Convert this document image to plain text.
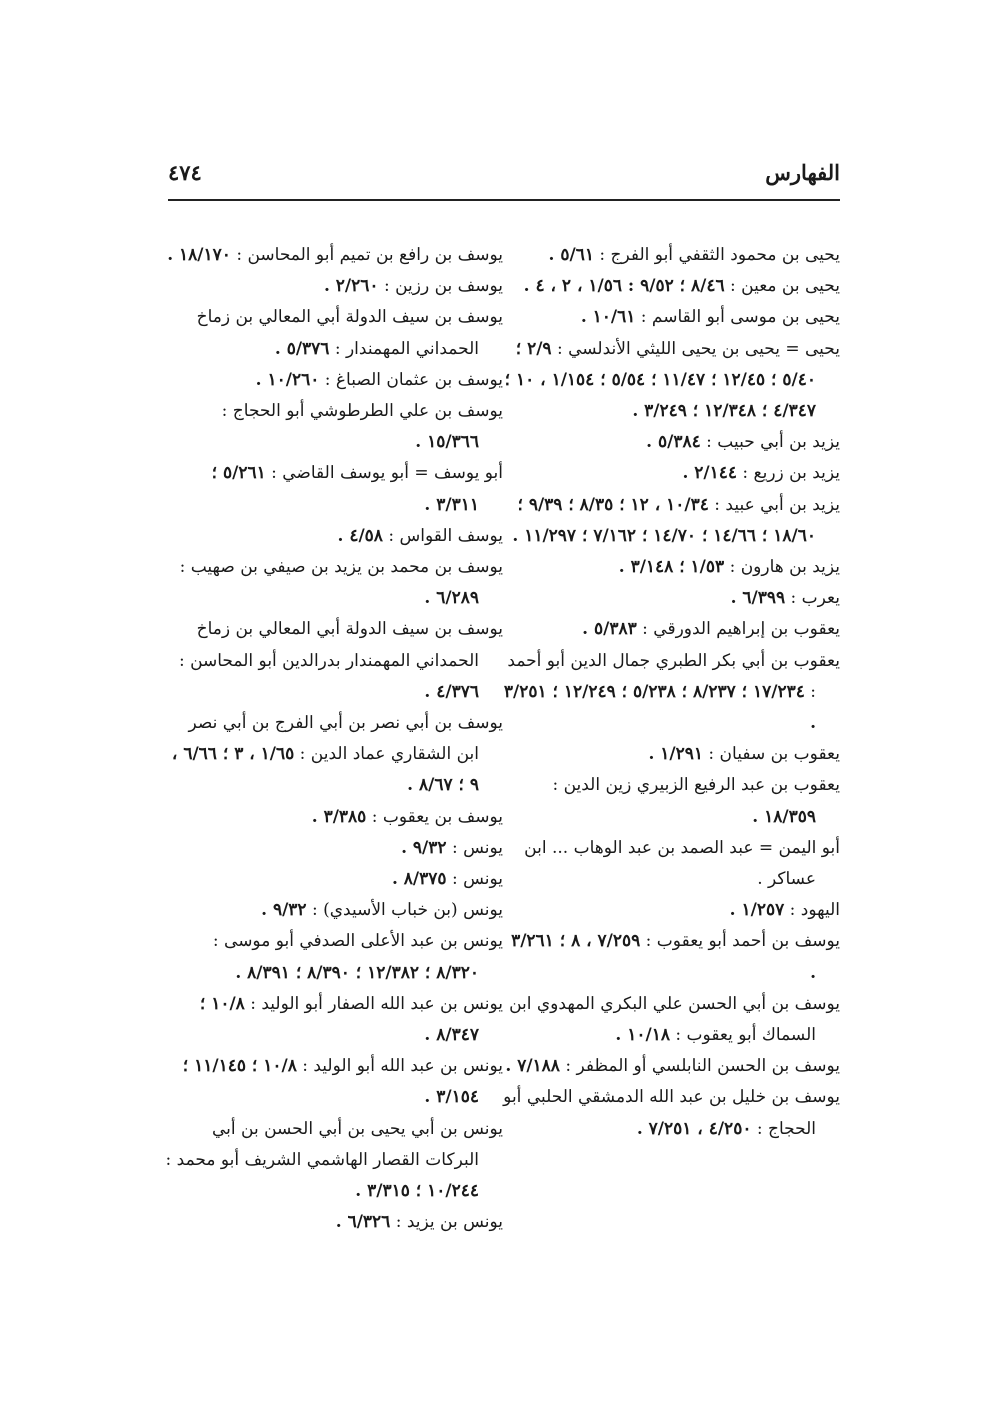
الفهارس
٤٧٤

يحيى بن محمود الثقفي أبو الفرج : ٥/٦١ .

يحيى بن معين : ٨/٤٦ ؛ ٩/٥٢ : ١/٥٦ ، ٢ ، ٤ .

يحيى بن موسى أبو القاسم : ١٠/٦١ .

يحيى = يحيى بن يحيى الليثي الأندلسي : ٢/٩ ؛ ٥/٤٠ ؛ ١٢/٤٥ ؛ ١١/٤٧ ؛ ٥/٥٤ ؛ ١/١٥٤ ، ١٠ ؛ ٤/٣٤٧ ؛ ١٢/٣٤٨ ؛ ٣/٢٤٩ .

يزيد بن أبي حبيب : ٥/٣٨٤ .

يزيد بن زريع : ٢/١٤٤ .

يزيد بن أبي عبيد : ١٠/٣٤ ، ١٢ ؛ ٨/٣٥ ؛ ٩/٣٩ ؛ ١٨/٦٠ ؛ ١٤/٦٦ ؛ ١٤/٧٠ ؛ ٧/١٦٢ ؛ ١١/٢٩٧ .

يزيد بن هارون : ١/٥٣ ؛ ٣/١٤٨ .

يعرب : ٦/٣٩٩ .

يعقوب بن إبراهيم الدورقي : ٥/٣٨٣ .

يعقوب بن أبي بكر الطبري جمال الدين أبو أحمد : ١٧/٢٣٤ ؛ ٨/٢٣٧ ؛ ٥/٢٣٨ ؛ ١٢/٢٤٩ ؛ ٣/٢٥١ .

يعقوب بن سفيان : ١/٢٩١ .

يعقوب بن عبد الرفيع الزبيري زين الدين : ١٨/٣٥٩ .

أبو اليمن = عبد الصمد بن عبد الوهاب ... ابن عساكر .

اليهود : ١/٢٥٧ .

يوسف بن أحمد أبو يعقوب : ٧/٢٥٩ ، ٨ ؛ ٣/٢٦١ .

يوسف بن أبي الحسن علي البكري المهدوي ابن السماك أبو يعقوب : ١٠/١٨ .

يوسف بن الحسن النابلسي أو المظفر : ٧/١٨٨ .

يوسف بن خليل بن عبد الله الدمشقي الحلبي أبو الحجاج : ٤/٢٥٠ ، ٧/٢٥١ .

يوسف بن رافع بن تميم أبو المحاسن : ١٨/١٧٠ .

يوسف بن رزين : ٢/٢٦٠ .

يوسف بن سيف الدولة أبي المعالي بن زماخ الحمداني المهمندار : ٥/٣٧٦ .

يوسف بن عثمان الصباغ : ١٠/٢٦٠ .

يوسف بن علي الطرطوشي أبو الحجاج : ١٥/٣٦٦ .

أبو يوسف = أبو يوسف القاضي : ٥/٢٦١ ؛ ٣/٣١١ .

يوسف القواس : ٤/٥٨ .

يوسف بن محمد بن يزيد بن صيفي بن صهيب : ٦/٢٨٩ .

يوسف بن سيف الدولة أبي المعالي بن زماخ الحمداني المهمندار بدرالدين أبو المحاسن : ٤/٣٧٦ .

يوسف بن أبي نصر بن أبي الفرج بن أبي نصر ابن الشقاري عماد الدين : ١/٦٥ ، ٣ ؛ ٦/٦٦ ، ٩ ؛ ٨/٦٧ .

يوسف بن يعقوب : ٣/٣٨٥ .

يونس : ٩/٣٢ .

يونس : ٨/٣٧٥ .

يونس (بن خباب الأسيدي) : ٩/٣٢ .

يونس بن عبد الأعلى الصدفي أبو موسى : ٨/٣٢٠ ؛ ١٢/٣٨٢ ؛ ٨/٣٩٠ ؛ ٨/٣٩١ .

يونس بن عبد الله الصفار أبو الوليد : ١٠/٨ ؛ ٨/٣٤٧ .

يونس بن عبد الله أبو الوليد : ١٠/٨ ؛ ١١/١٤٥ ؛ ٣/١٥٤ .

يونس بن أبي يحيى بن أبي الحسن بن أبي البركات القصار الهاشمي الشريف أبو محمد : ١٠/٢٤٤ ؛ ٣/٣١٥ .

يونس بن يزيد : ٦/٣٢٦ .
